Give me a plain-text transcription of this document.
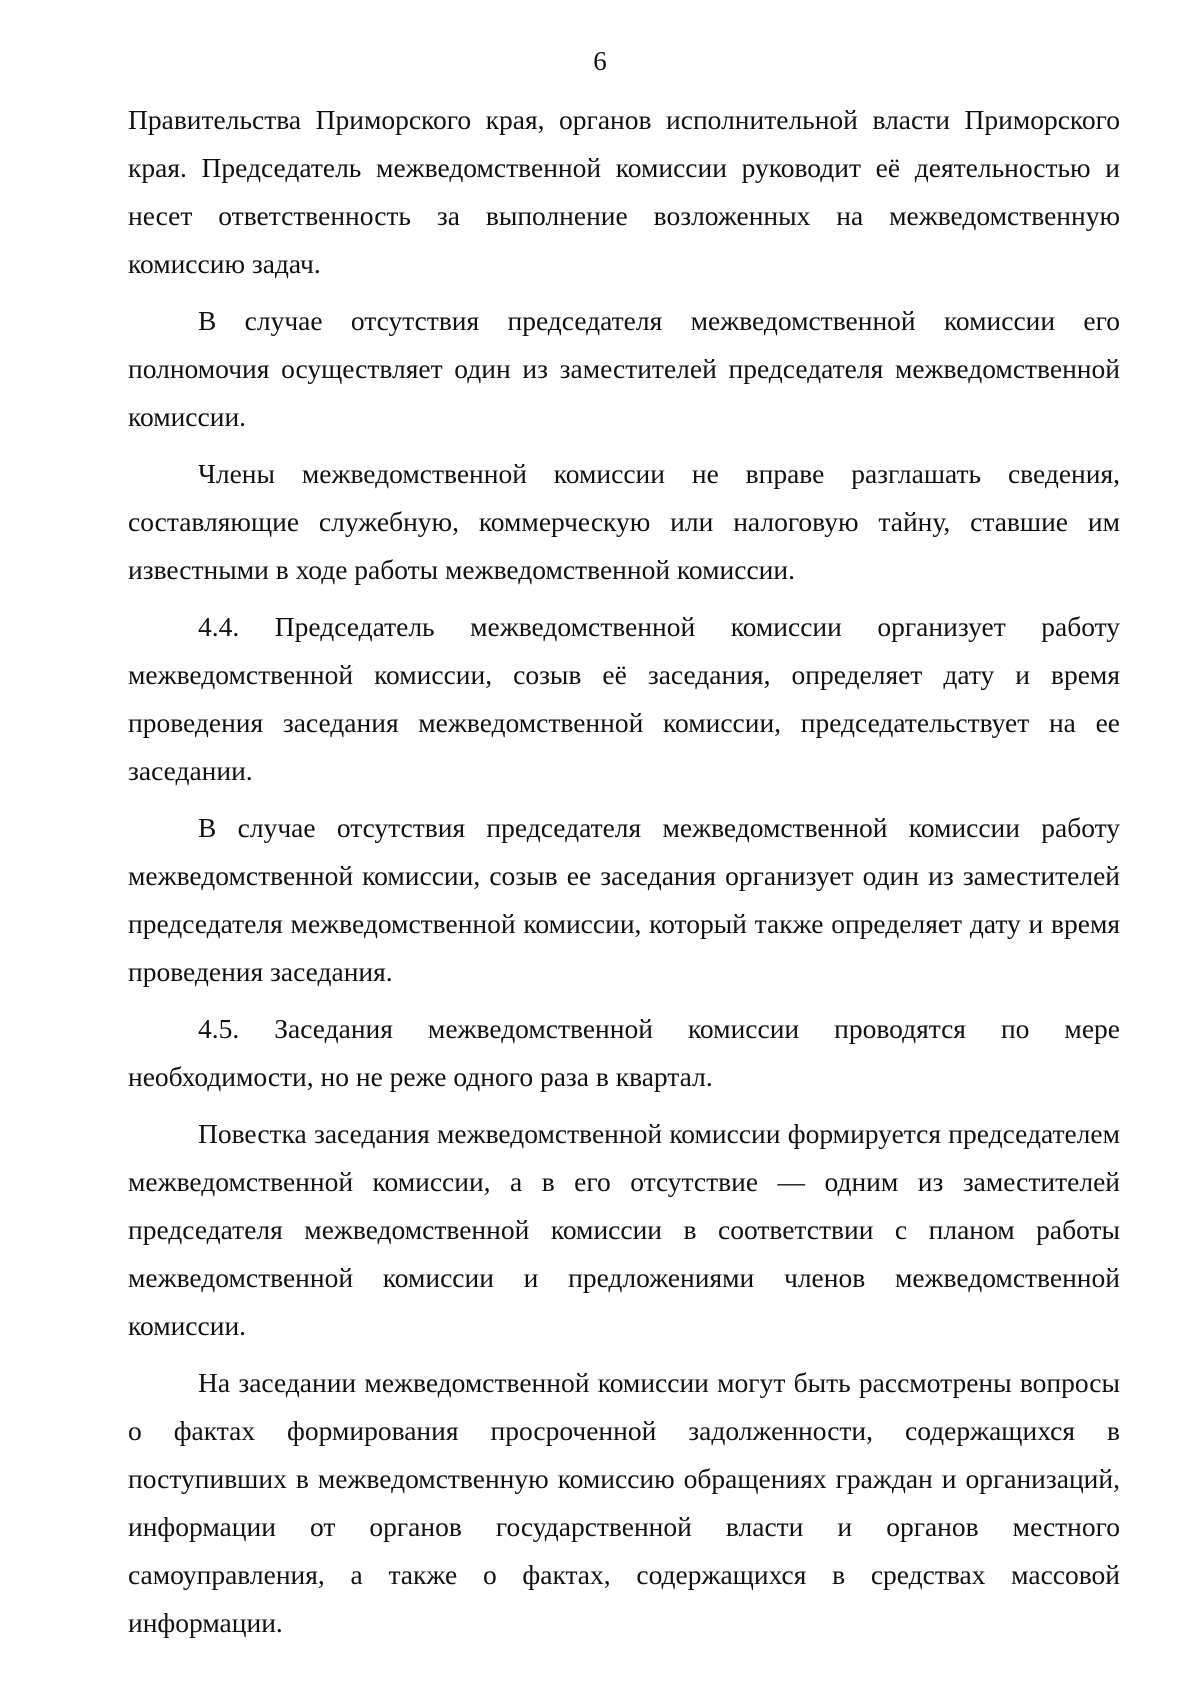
6

Правительства Приморского края, органов исполнительной власти Приморского края. Председатель межведомственной комиссии руководит её деятельностью и несет ответственность за выполнение возложенных на межведомственную комиссию задач.

В случае отсутствия председателя межведомственной комиссии его полномочия осуществляет один из заместителей председателя межведомственной комиссии.

Члены межведомственной комиссии не вправе разглашать сведения, составляющие служебную, коммерческую или налоговую тайну, ставшие им известными в ходе работы межведомственной комиссии.

4.4. Председатель межведомственной комиссии организует работу межведомственной комиссии, созыв её заседания, определяет дату и время проведения заседания межведомственной комиссии, председательствует на ее заседании.

В случае отсутствия председателя межведомственной комиссии работу межведомственной комиссии, созыв ее заседания организует один из заместителей председателя межведомственной комиссии, который также определяет дату и время проведения заседания.

4.5. Заседания межведомственной комиссии проводятся по мере необходимости, но не реже одного раза в квартал.

Повестка заседания межведомственной комиссии формируется председателем межведомственной комиссии, а в его отсутствие — одним из заместителей председателя межведомственной комиссии в соответствии с планом работы межведомственной комиссии и предложениями членов межведомственной комиссии.

На заседании межведомственной комиссии могут быть рассмотрены вопросы о фактах формирования просроченной задолженности, содержащихся в поступивших в межведомственную комиссию обращениях граждан и организаций, информации от органов государственной власти и органов местного самоуправления, а также о фактах, содержащихся в средствах массовой информации.
